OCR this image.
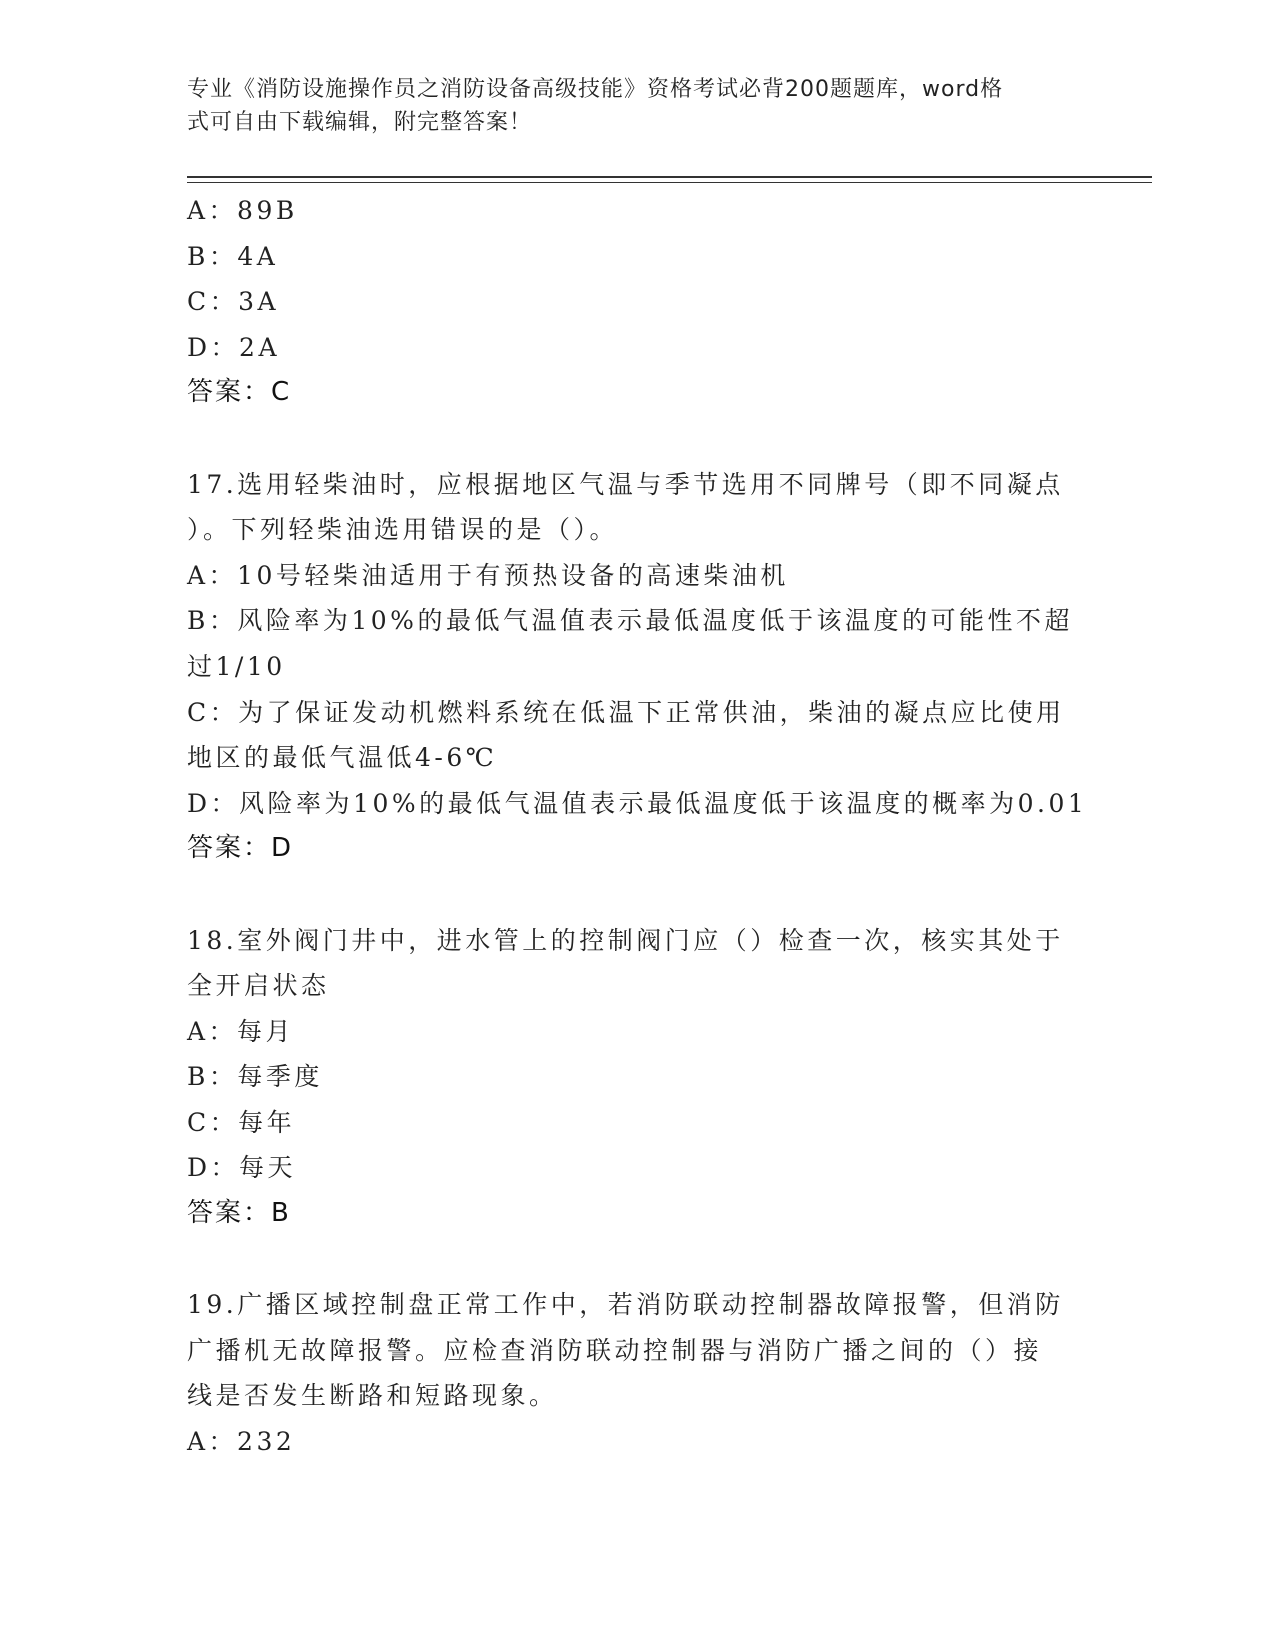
专业《消防设施操作员之消防设备高级技能》资格考试必背200题题库，word格
式可自由下载编辑，附完整答案！
A：89B
B：4A
C：3A
D：2A
答案：C
17.选用轻柴油时，应根据地区气温与季节选用不同牌号（即不同凝点
）。下列轻柴油选用错误的是（）。
A：10号轻柴油适用于有预热设备的高速柴油机
B：风险率为10%的最低气温值表示最低温度低于该温度的可能性不超
过1/10
C：为了保证发动机燃料系统在低温下正常供油，柴油的凝点应比使用
地区的最低气温低4-6℃
D：风险率为10%的最低气温值表示最低温度低于该温度的概率为0.01
答案：D
18.室外阀门井中，进水管上的控制阀门应（）检查一次，核实其处于
全开启状态
A：每月
B：每季度
C：每年
D：每天
答案：B
19.广播区域控制盘正常工作中，若消防联动控制器故障报警，但消防
广播机无故障报警。应检查消防联动控制器与消防广播之间的（）接
线是否发生断路和短路现象。
A：232
